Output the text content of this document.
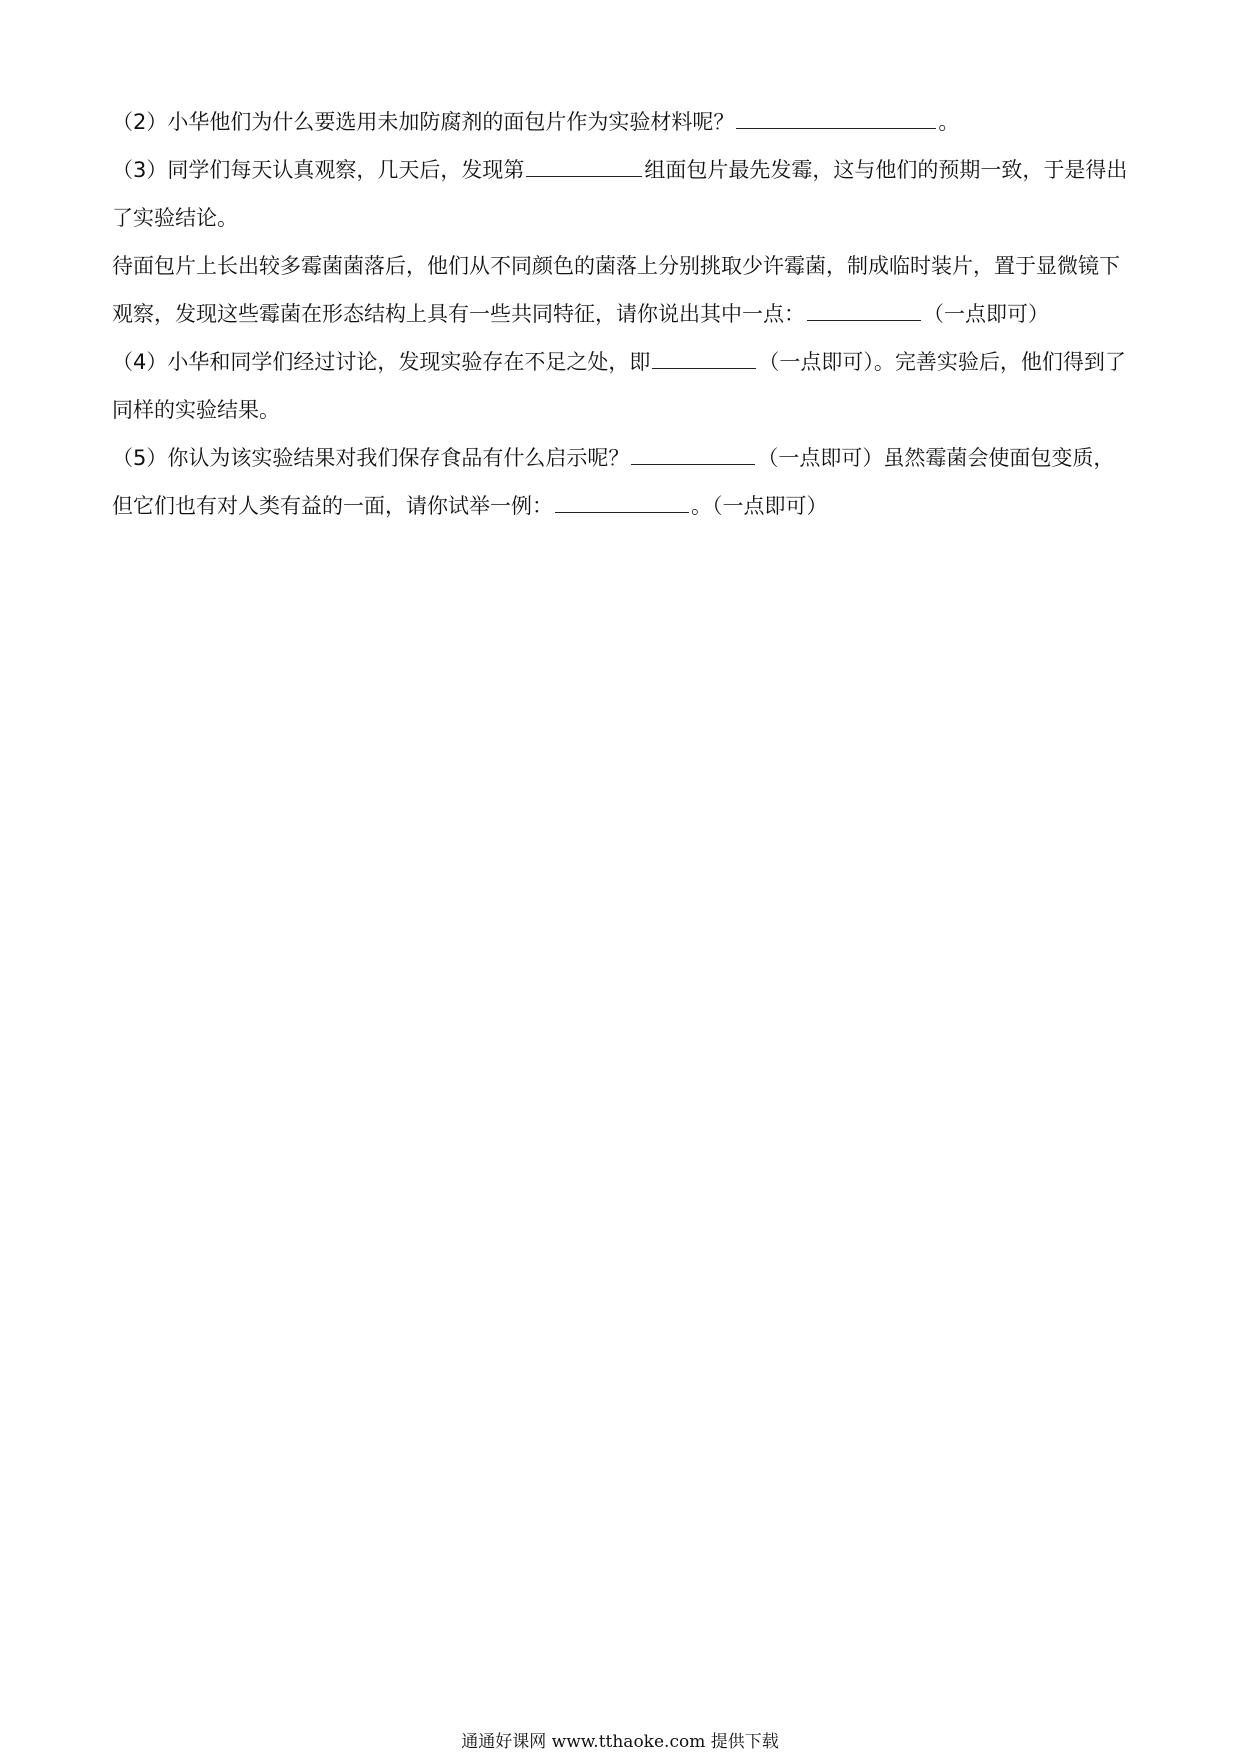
（2）小华他们为什么要选用未加防腐剂的面包片作为实验材料呢？	。

（3）同学们每天认真观察，几天后，发现第	组面包片最先发霉，这与他们的预期一致，于是得出了实验结论。

待面包片上长出较多霉菌菌落后，他们从不同颜色的菌落上分别挑取少许霉菌，制成临时装片，置于显微镜下观察，发现这些霉菌在形态结构上具有一些共同特征，请你说出其中一点：	（一点即可）

（4）小华和同学们经过讨论，发现实验存在不足之处，即	（一点即可）。完善实验后，他们得到了同样的实验结果。

（5）你认为该实验结果对我们保存食品有什么启示呢？	（一点即可）虽然霉菌会使面包变质，但它们也有对人类有益的一面，请你试举一例：	。（一点即可）

通通好课网 www.tthaoke.com 提供下载
